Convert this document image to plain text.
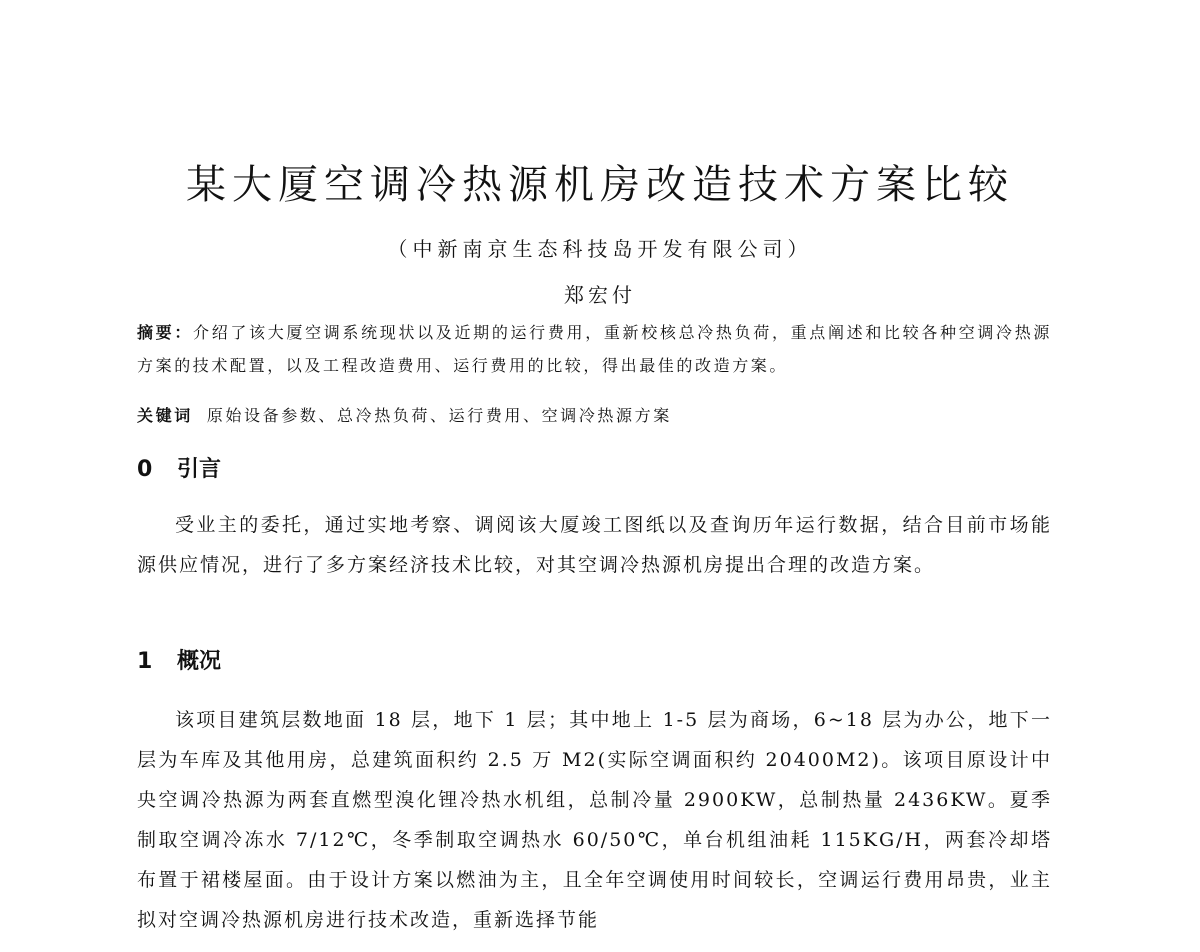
某大厦空调冷热源机房改造技术方案比较
（中新南京生态科技岛开发有限公司）
郑宏付
摘要：介绍了该大厦空调系统现状以及近期的运行费用，重新校核总冷热负荷，重点阐述和比较各种空调冷热源方案的技术配置，以及工程改造费用、运行费用的比较，得出最佳的改造方案。
关键词 原始设备参数、总冷热负荷、运行费用、空调冷热源方案
0 引言

受业主的委托，通过实地考察、调阅该大厦竣工图纸以及查询历年运行数据，结合目前市场能源供应情况，进行了多方案经济技术比较，对其空调冷热源机房提出合理的改造方案。

1 概况

该项目建筑层数地面 18 层，地下 1 层；其中地上 1-5 层为商场，6~18 层为办公，地下一层为车库及其他用房，总建筑面积约 2.5 万 M2(实际空调面积约 20400M2)。该项目原设计中央空调冷热源为两套直燃型溴化锂冷热水机组，总制冷量 2900KW，总制热量 2436KW。夏季制取空调冷冻水 7/12℃，冬季制取空调热水 60/50℃，单台机组油耗 115KG/H，两套冷却塔布置于裙楼屋面。由于设计方案以燃油为主，且全年空调使用时间较长，空调运行费用昂贵，业主拟对空调冷热源机房进行技术改造，重新选择节能
